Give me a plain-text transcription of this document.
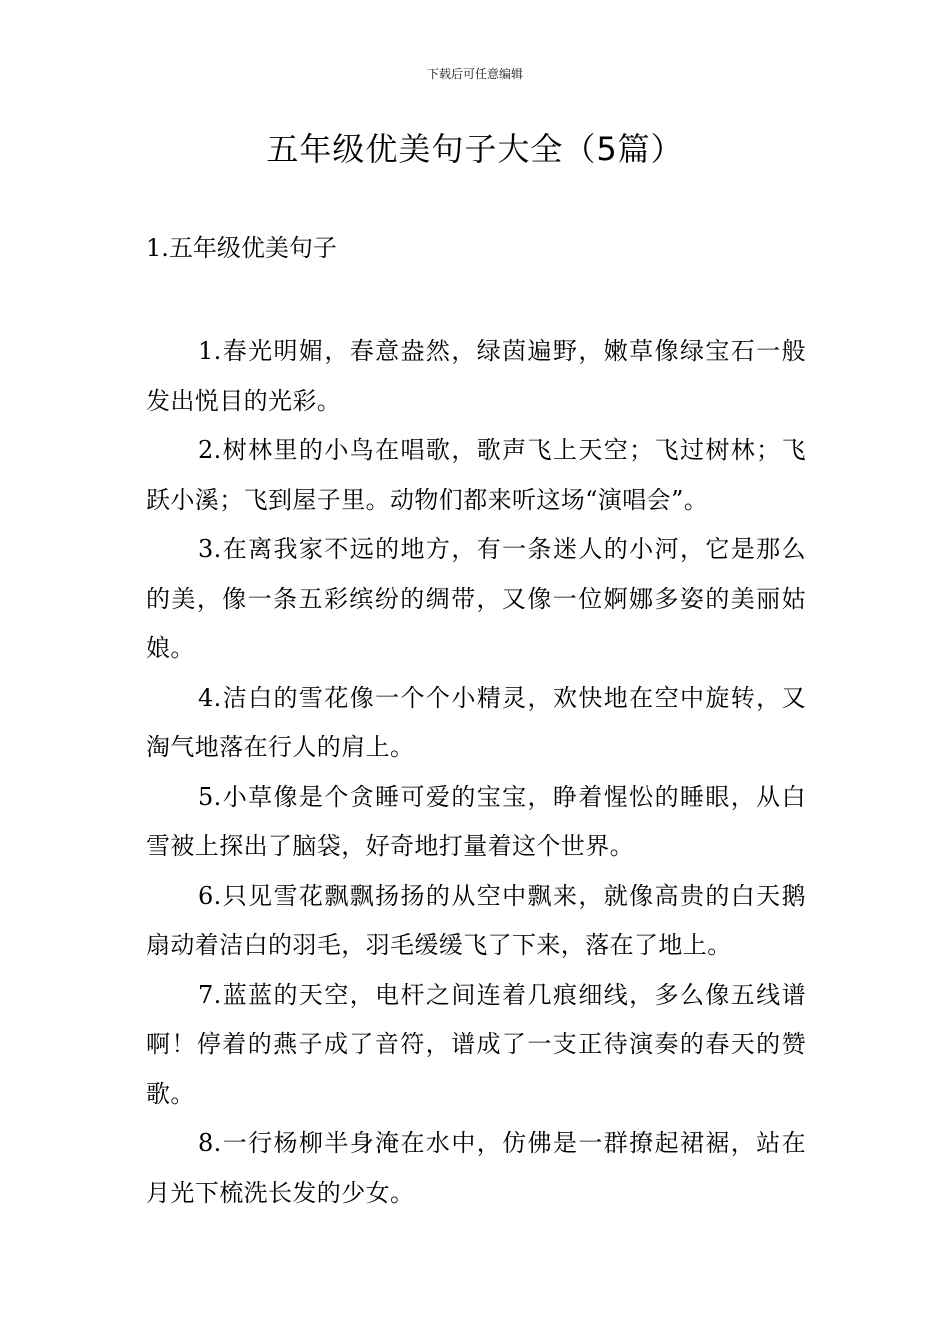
下载后可任意编辑
五年级优美句子大全（5篇）
1.五年级优美句子

1.春光明媚，春意盎然，绿茵遍野，嫩草像绿宝石一般发出悦目的光彩。

2.树林里的小鸟在唱歌，歌声飞上天空；飞过树林；飞跃小溪；飞到屋子里。动物们都来听这场“演唱会”。

3.在离我家不远的地方，有一条迷人的小河，它是那么的美，像一条五彩缤纷的绸带，又像一位婀娜多姿的美丽姑娘。

4.洁白的雪花像一个个小精灵，欢快地在空中旋转，又淘气地落在行人的肩上。

5.小草像是个贪睡可爱的宝宝，睁着惺忪的睡眼，从白雪被上探出了脑袋，好奇地打量着这个世界。

6.只见雪花飘飘扬扬的从空中飘来，就像高贵的白天鹅扇动着洁白的羽毛，羽毛缓缓飞了下来，落在了地上。

7.蓝蓝的天空，电杆之间连着几痕细线，多么像五线谱啊！停着的燕子成了音符，谱成了一支正待演奏的春天的赞歌。

8.一行杨柳半身淹在水中，仿佛是一群撩起裙裾，站在月光下梳洗长发的少女。
